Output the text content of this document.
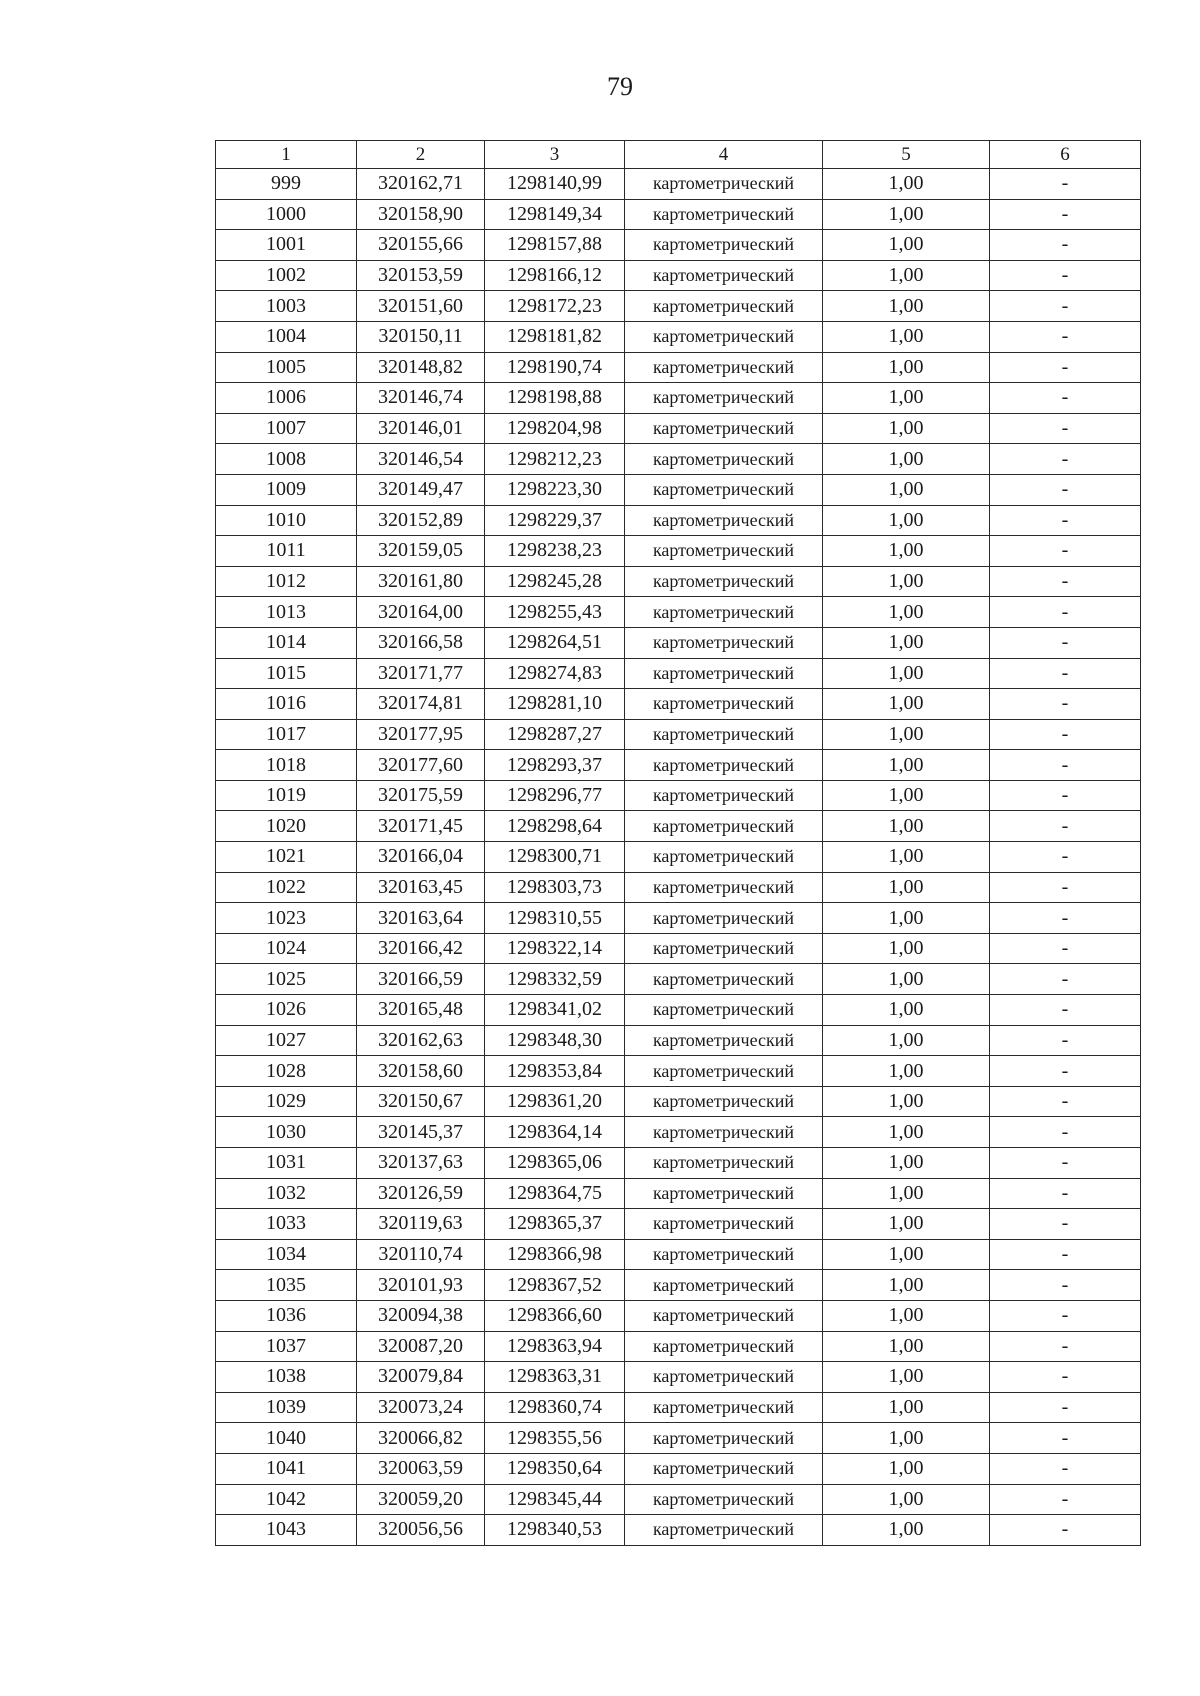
79
1	2	3	4	5	6
999	320162,71	1298140,99	картометрический	1,00	-
1000	320158,90	1298149,34	картометрический	1,00	-
1001	320155,66	1298157,88	картометрический	1,00	-
1002	320153,59	1298166,12	картометрический	1,00	-
1003	320151,60	1298172,23	картометрический	1,00	-
1004	320150,11	1298181,82	картометрический	1,00	-
1005	320148,82	1298190,74	картометрический	1,00	-
1006	320146,74	1298198,88	картометрический	1,00	-
1007	320146,01	1298204,98	картометрический	1,00	-
1008	320146,54	1298212,23	картометрический	1,00	-
1009	320149,47	1298223,30	картометрический	1,00	-
1010	320152,89	1298229,37	картометрический	1,00	-
1011	320159,05	1298238,23	картометрический	1,00	-
1012	320161,80	1298245,28	картометрический	1,00	-
1013	320164,00	1298255,43	картометрический	1,00	-
1014	320166,58	1298264,51	картометрический	1,00	-
1015	320171,77	1298274,83	картометрический	1,00	-
1016	320174,81	1298281,10	картометрический	1,00	-
1017	320177,95	1298287,27	картометрический	1,00	-
1018	320177,60	1298293,37	картометрический	1,00	-
1019	320175,59	1298296,77	картометрический	1,00	-
1020	320171,45	1298298,64	картометрический	1,00	-
1021	320166,04	1298300,71	картометрический	1,00	-
1022	320163,45	1298303,73	картометрический	1,00	-
1023	320163,64	1298310,55	картометрический	1,00	-
1024	320166,42	1298322,14	картометрический	1,00	-
1025	320166,59	1298332,59	картометрический	1,00	-
1026	320165,48	1298341,02	картометрический	1,00	-
1027	320162,63	1298348,30	картометрический	1,00	-
1028	320158,60	1298353,84	картометрический	1,00	-
1029	320150,67	1298361,20	картометрический	1,00	-
1030	320145,37	1298364,14	картометрический	1,00	-
1031	320137,63	1298365,06	картометрический	1,00	-
1032	320126,59	1298364,75	картометрический	1,00	-
1033	320119,63	1298365,37	картометрический	1,00	-
1034	320110,74	1298366,98	картометрический	1,00	-
1035	320101,93	1298367,52	картометрический	1,00	-
1036	320094,38	1298366,60	картометрический	1,00	-
1037	320087,20	1298363,94	картометрический	1,00	-
1038	320079,84	1298363,31	картометрический	1,00	-
1039	320073,24	1298360,74	картометрический	1,00	-
1040	320066,82	1298355,56	картометрический	1,00	-
1041	320063,59	1298350,64	картометрический	1,00	-
1042	320059,20	1298345,44	картометрический	1,00	-
1043	320056,56	1298340,53	картометрический	1,00	-
